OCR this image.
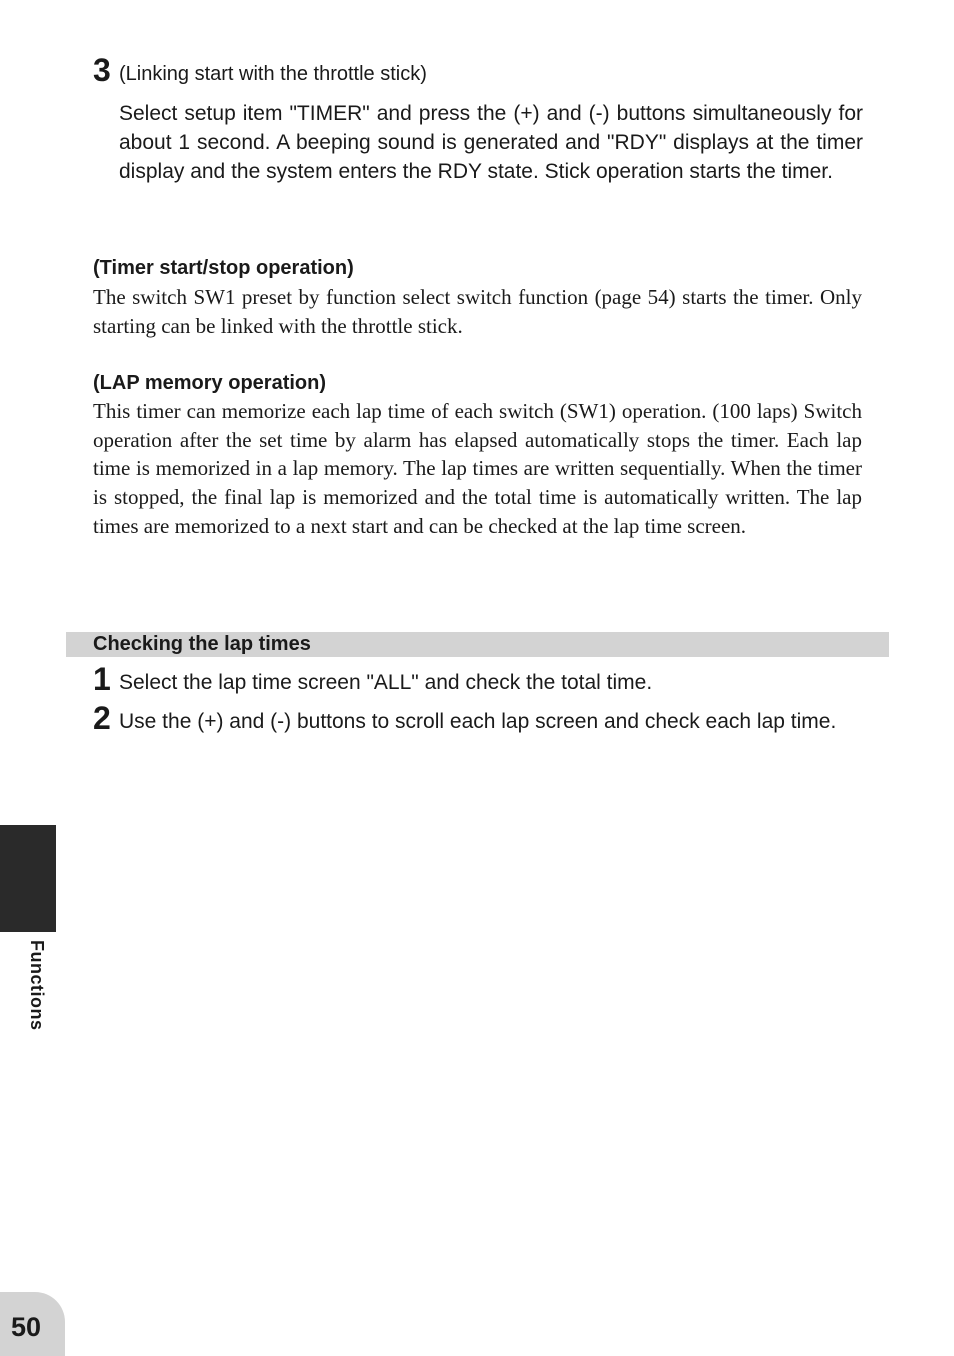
3 (Linking start with the throttle stick)
Select setup item "TIMER" and press the (+) and (-) buttons simultaneously for about 1 second. A beeping sound is generated and "RDY" displays at the timer display and the system enters the RDY state. Stick operation starts the timer.
(Timer start/stop operation)
The switch SW1 preset by function select switch function (page 54) starts the timer. Only starting can be linked with the throttle stick.
(LAP memory operation)
This timer can memorize each lap time of each switch (SW1) operation. (100 laps) Switch operation after the set time by alarm has elapsed automatically stops the timer. Each lap time is memorized in a lap memory. The lap times are written sequentially. When the timer is stopped, the final lap is memorized and the total time is automatically written. The lap times are memorized to a next start and can be checked at the lap time screen.
Checking the lap times
1 Select the lap time screen "ALL" and check the total time.
2 Use the (+) and (-) buttons to scroll each lap screen and check each lap time.
Functions
50
